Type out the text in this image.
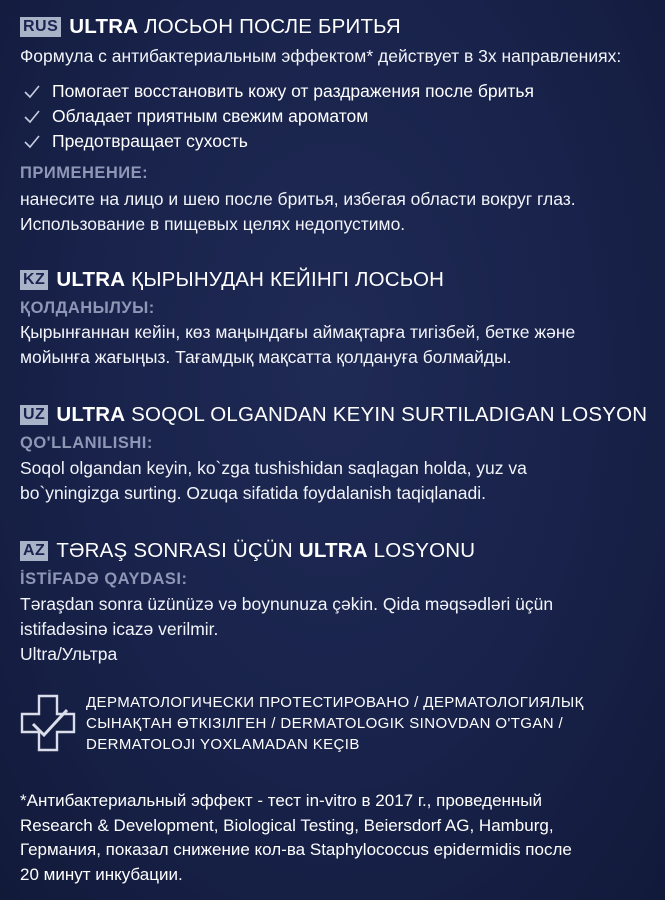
RUS ULTRA
ЛОСЬОН ПОСЛЕ БРИТЬЯ
Формула с антибактериальным эффектом* действует в 3х направлениях:
Помогает восстановить кожу от раздражения после бритья
Обладает приятным свежим ароматом
Предотвращает сухость
ПРИМЕНЕНИЕ:
нанесите на лицо и шею после бритья, избегая области вокруг глаз.
Использование в пищевых целях недопустимо.
KZ ULTRA
ҚЫРЫНУДАН КЕЙІНГІ ЛОСЬОН
ҚОЛДАНЫЛУЫ:
Қырынғаннан кейін, көз маңындағы аймақтарға тигізбей, бетке және
мойынға жағыңыз. Тағамдық мақсатта қолдануға болмайды.
UZ ULTRA
SOQOL OLGANDAN KEYIN SURTILADIGAN LOSYON
QO'LLANILISHI:
Soqol olgandan keyin, ko`zga tushishidan saqlagan holda, yuz va
bo`yningizga surting. Ozuqa sifatida foydalanish taqiqlanadi.
AZ TƏRAŞ SONRASI ÜÇÜN
ULTRA
LOSYONU
İSTİFADƏ QAYDASI:
Təraşdan sonra üzünüzə və boynunuza çəkin. Qida məqsədləri üçün
istifadəsinə icazə verilmir.
Ultra/Ультра
ДЕРМАТОЛОГИЧЕСКИ ПРОТЕСТИРОВАНО / ДЕРМАТОЛОГИЯЛЫҚ
СЫНАҚТАН ӨТКІЗІЛГЕН / DERMATOLOGIK SINOVDAN O'TGAN /
DERMATOLOJI YOXLAMADAN KEÇIB
*Антибактериальный эффект - тест in-vitro в 2017 г., проведенный
Research & Development, Biological Testing, Beiersdorf AG, Hamburg,
Германия, показал снижение кол-ва Staphylococcus epidermidis после
20 минут инкубации.
